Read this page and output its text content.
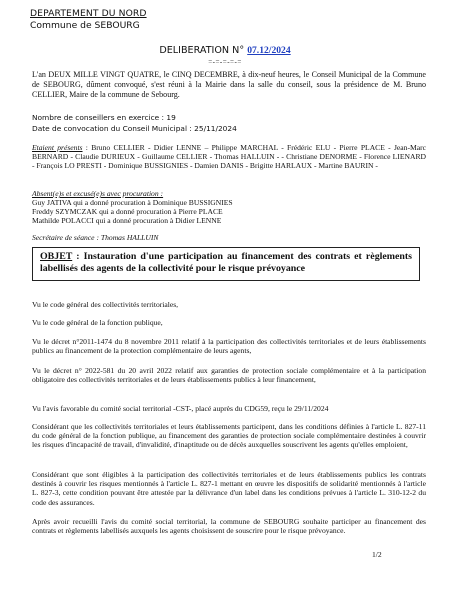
DEPARTEMENT DU NORD
Commune de SEBOURG
DELIBERATION N° 07.12/2024
=-=-=-=-=
L'an DEUX MILLE VINGT QUATRE, le CINQ DECEMBRE, à dix-neuf heures, le Conseil Municipal de la Commune de SEBOURG, dûment convoqué, s'est réuni à la Mairie dans la salle du conseil, sous la présidence de M. Bruno CELLIER, Maire de la commune de Sebourg.
Nombre de conseillers en exercice : 19
Date de convocation du Conseil Municipal : 25/11/2024
Etaient présents : Bruno CELLIER - Didier LENNE – Philippe MARCHAL - Frédéric ELU - Pierre PLACE - Jean-Marc BERNARD - Claudie DURIEUX - Guillaume CELLIER - Thomas HALLUIN - - Christiane DENORME - Florence LIENARD - François LO PRESTI - Dominique BUSSIGNIES - Damien DANIS - Brigitte HARLAUX - Martine BAURIN -
Absent(e)s et excusé(e)s avec procuration :
Guy JATIVA qui a donné procuration à Dominique BUSSIGNIES
Freddy SZYMCZAK qui a donné procuration à Pierre PLACE
Mathilde POLACCI qui a donné procuration à Didier LENNE
Secrétaire de séance : Thomas HALLUIN
OBJET : Instauration d'une participation au financement des contrats et règlements labellisés des agents de la collectivité pour le risque prévoyance
Vu le code général des collectivités territoriales,
Vu le code général de la fonction publique,
Vu le décret n°2011-1474 du 8 novembre 2011 relatif à la participation des collectivités territoriales et de leurs établissements publics au financement de la protection complémentaire de leurs agents,
Vu le décret n° 2022-581 du 20 avril 2022 relatif aux garanties de protection sociale complémentaire et à la participation obligatoire des collectivités territoriales et de leurs établissements publics à leur financement,
Vu l'avis favorable du comité social territorial -CST-, placé auprès du CDG59, reçu le 29/11/2024
Considérant que les collectivités territoriales et leurs établissements participent, dans les conditions définies à l'article L. 827-11 du code général de la fonction publique, au financement des garanties de protection sociale complémentaire destinées à couvrir les risques d'incapacité de travail, d'invalidité, d'inaptitude ou de décès auxquelles souscrivent les agents qu'elles emploient,
Considérant que sont éligibles à la participation des collectivités territoriales et de leurs établissements publics les contrats destinés à couvrir les risques mentionnés à l'article L. 827-1 mettant en œuvre les dispositifs de solidarité mentionnés à l'article L. 827-3, cette condition pouvant être attestée par la délivrance d'un label dans les conditions prévues à l'article L. 310-12-2 du code des assurances.
Après avoir recueilli l'avis du comité social territorial, la commune de SEBOURG souhaite participer au financement des contrats et règlements labellisés auxquels les agents choisissent de souscrire pour le risque prévoyance.
1/2
